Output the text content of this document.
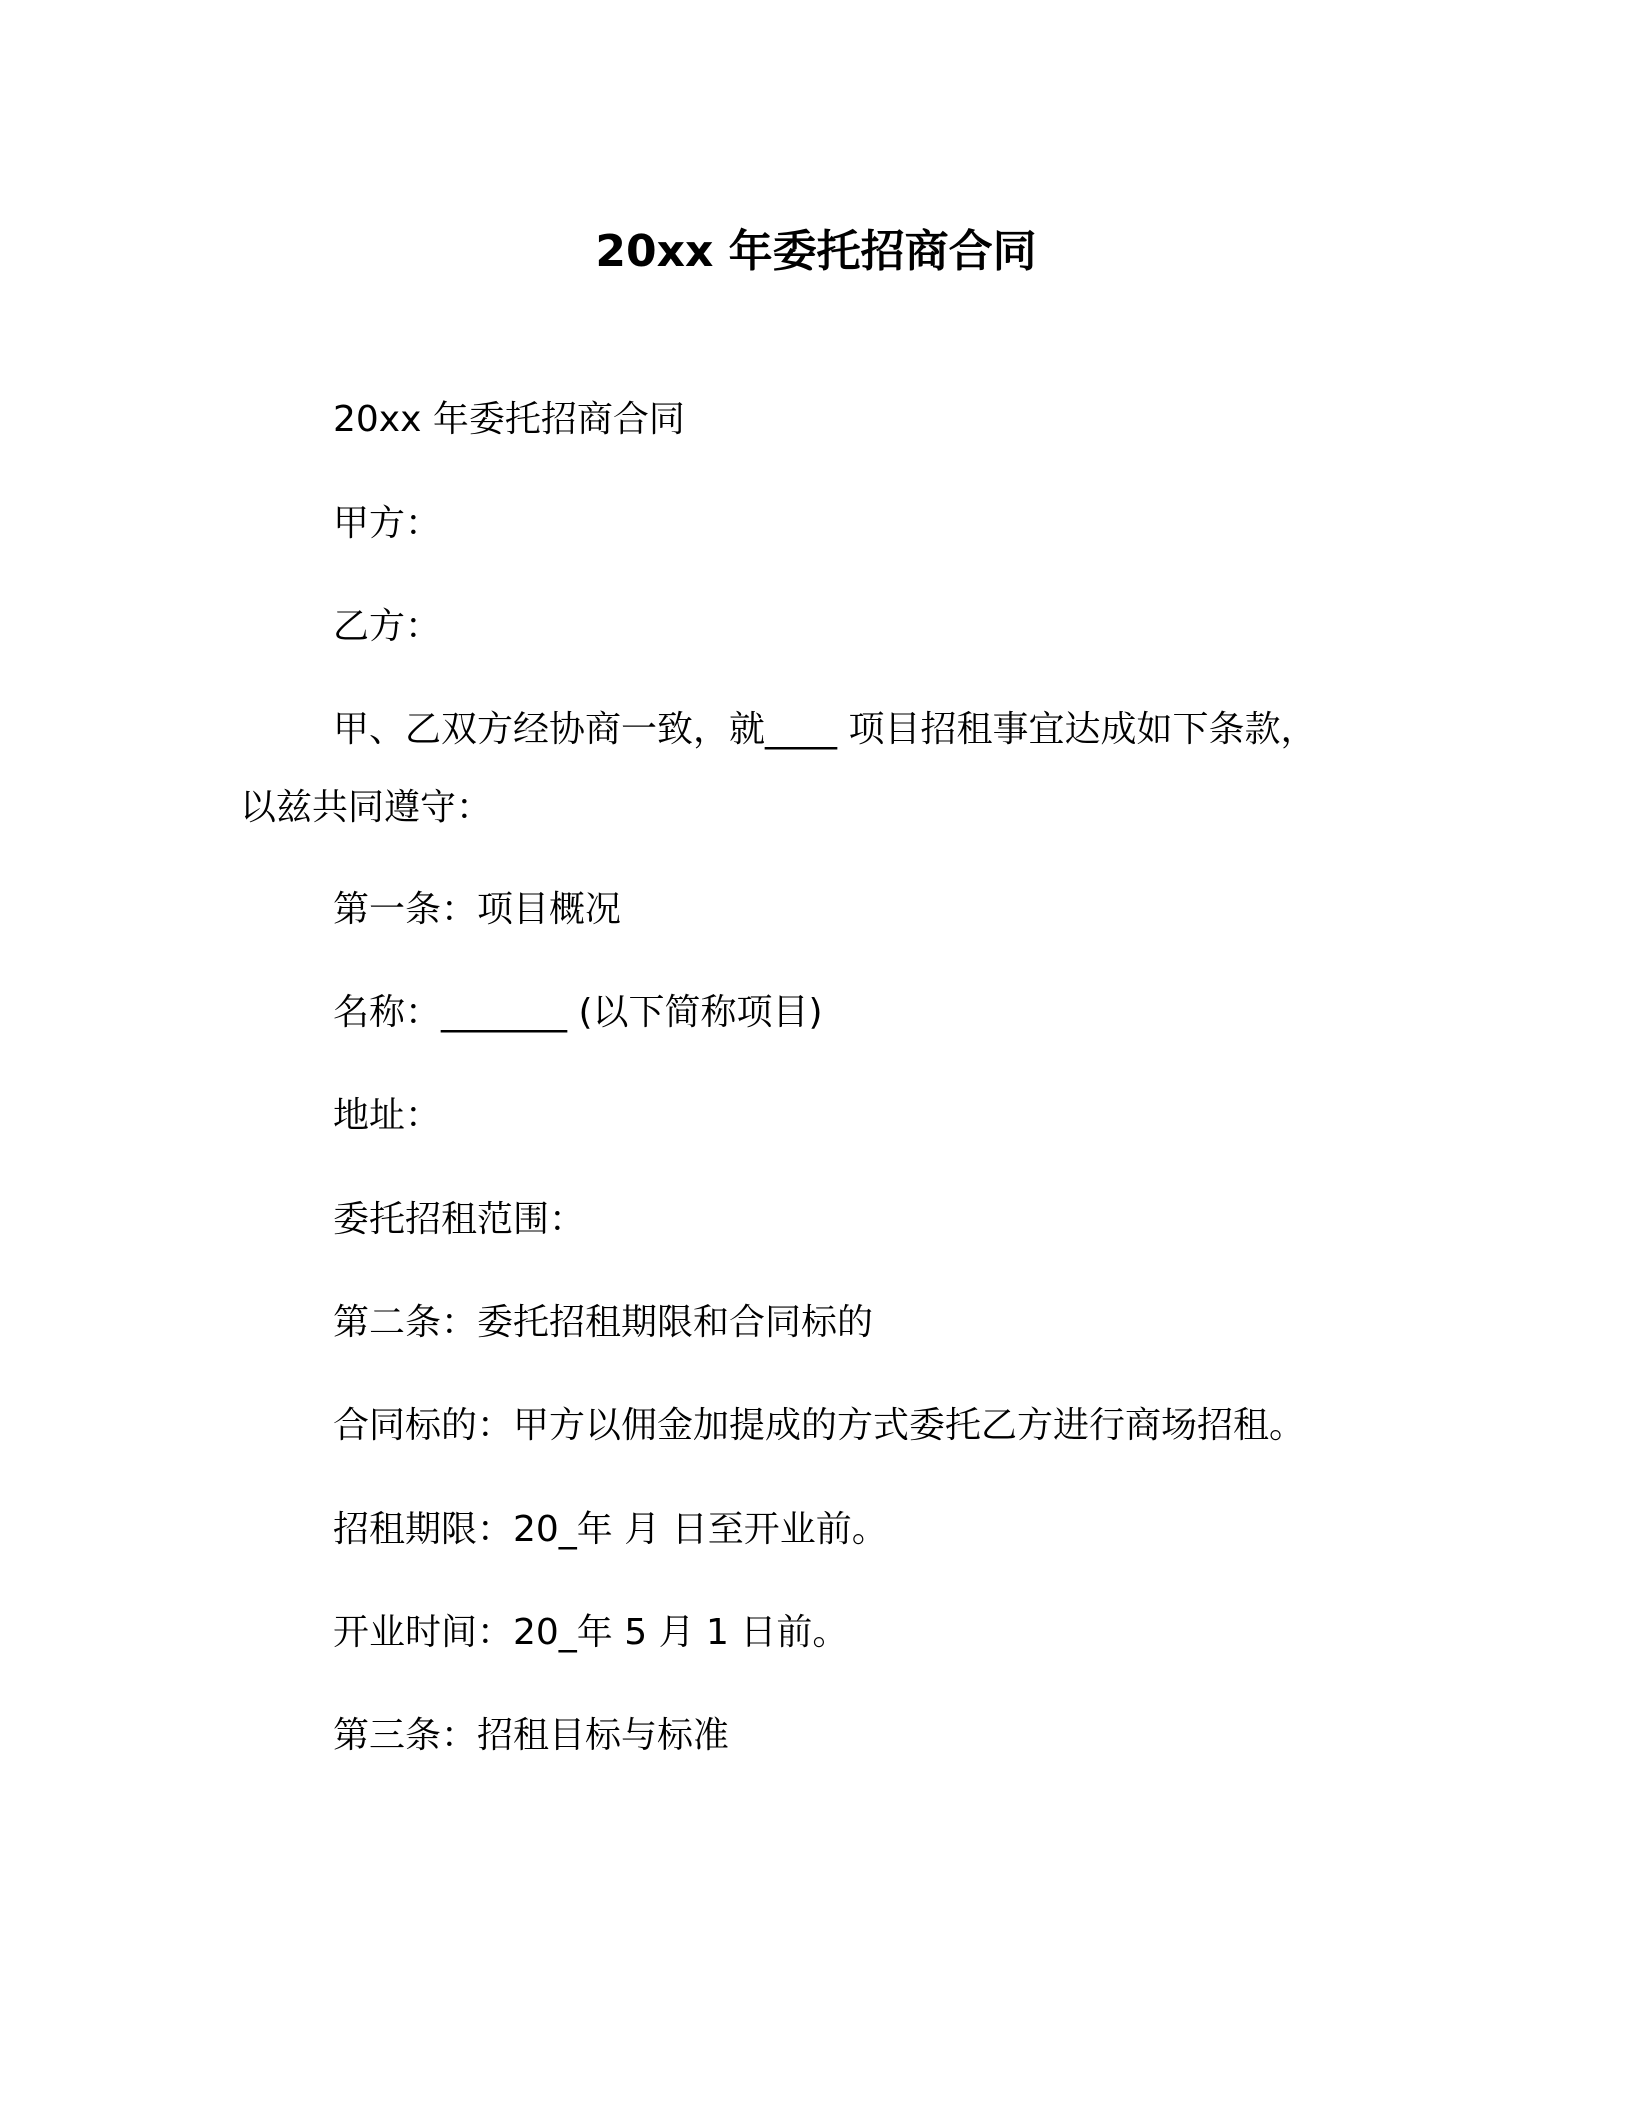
20xx 年委托招商合同
20xx 年委托招商合同
甲方：
乙方：
甲、乙双方经协商一致，就____ 项目招租事宜达成如下条款，
以兹共同遵守：
第一条：项目概况
名称：_______ (以下简称项目)
地址：
委托招租范围：
第二条：委托招租期限和合同标的
合同标的：甲方以佣金加提成的方式委托乙方进行商场招租。
招租期限：20_年 月 日至开业前。
开业时间：20_年 5 月 1 日前。
第三条：招租目标与标准
